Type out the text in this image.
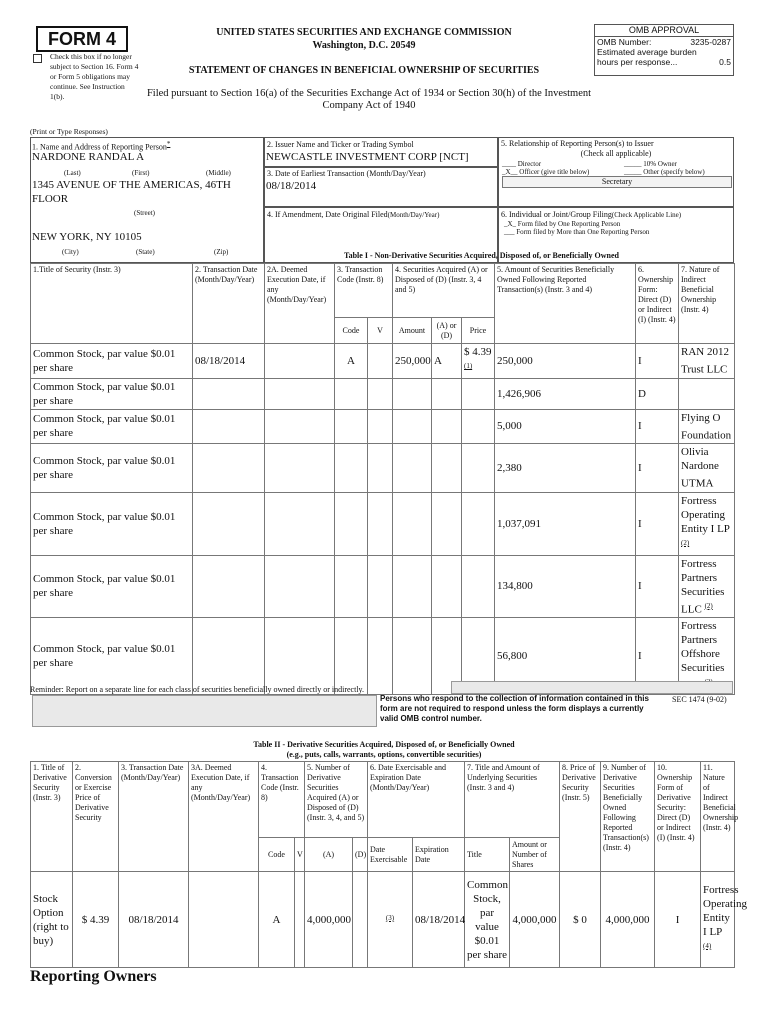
FORM 4
Check this box if no longer subject to Section 16. Form 4 or Form 5 obligations may continue. See Instruction 1(b).
UNITED STATES SECURITIES AND EXCHANGE COMMISSION
Washington, D.C. 20549
STATEMENT OF CHANGES IN BENEFICIAL OWNERSHIP OF SECURITIES
Filed pursuant to Section 16(a) of the Securities Exchange Act of 1934 or Section 30(h) of the Investment Company Act of 1940
OMB APPROVAL
OMB Number:	3235-0287
Estimated average burden
hours per response...	0.5
(Print or Type Responses)
1. Name and Address of Reporting Person*
NARDONE RANDAL A
(Last)	(First)	(Middle)
1345 AVENUE OF THE AMERICAS, 46TH FLOOR
(Street)
NEW YORK, NY 10105
(City)	(State)	(Zip)
2. Issuer Name and Ticker or Trading Symbol
NEWCASTLE INVESTMENT CORP [NCT]
3. Date of Earliest Transaction (Month/Day/Year)
08/18/2014
4. If Amendment, Date Original Filed(Month/Day/Year)
5. Relationship of Reporting Person(s) to Issuer
(Check all applicable)
____ Director	_____ 10% Owner
_X__ Officer (give title below)	_____ Other (specify below)
Secretary
6. Individual or Joint/Group Filing(Check Applicable Line)
_X_ Form filed by One Reporting Person
___ Form filed by More than One Reporting Person
Table I - Non-Derivative Securities Acquired, Disposed of, or Beneficially Owned
1.Title of Security (Instr. 3)	2. Transaction Date (Month/Day/Year)	2A. Deemed Execution Date, if any (Month/Day/Year)	3. Transaction Code (Instr. 8)		4. Securities Acquired (A) or Disposed of (D) (Instr. 3, 4 and 5)			5. Amount of Securities Beneficially Owned Following Reported Transaction(s) (Instr. 3 and 4)	6. Ownership Form: Direct (D) or Indirect (I) (Instr. 4)	7. Nature of Indirect Beneficial Ownership (Instr. 4)
			Code	V	Amount	(A) or (D)	Price			
Common Stock, par value $0.01 per share	08/18/2014		A		250,000	A	$ 4.39 $^{(1)}$	250,000	I	RAN 2012 Trust LLC
Common Stock, par value $0.01 per share								1,426,906	D	
Common Stock, par value $0.01 per share								5,000	I	Flying O Foundation
Common Stock, par value $0.01 per share								2,380	I	Olivia Nardone UTMA
Common Stock, par value $0.01 per share								1,037,091	I	Fortress Operating Entity I LP $^{(2)}$
Common Stock, par value $0.01 per share								134,800	I	Fortress Partners Securities LLC $^{(2)}$
Common Stock, par value $0.01 per share								56,800	I	Fortress Partners Offshore Securities
Reminder: Report on a separate line for each class of securities beneficially owned directly or indirectly.
Persons who respond to the collection of information contained in this form are not required to respond unless the form displays a currently valid OMB control number.
SEC 1474 (9-02)
Table II - Derivative Securities Acquired, Disposed of, or Beneficially Owned
(e.g., puts, calls, warrants, options, convertible securities)
1. Title of Derivative Security (Instr. 3)	2. Conversion or Exercise Price of Derivative Security	3. Transaction Date (Month/Day/Year)	3A. Deemed Execution Date, if any (Month/Day/Year)	4. Transaction Code (Instr. 8)		5. Number of Derivative Securities Acquired (A) or Disposed of (D) (Instr. 3, 4, and 5)		6. Date Exercisable and Expiration Date (Month/Day/Year)		7. Title and Amount of Underlying Securities (Instr. 3 and 4)		8. Price of Derivative Security (Instr. 5)	9. Number of Derivative Securities Beneficially Owned Following Reported Transaction(s) (Instr. 4)	10. Ownership Form of Derivative Security: Direct (D) or Indirect (I) (Instr. 4)	11. Nature of Indirect Beneficial Ownership (Instr. 4)
				Code	V	(A)	(D)	Date Exercisable	Expiration Date	Title	Amount or Number of Shares				
Stock Option (right to buy)	$ 4.39	08/18/2014		A		4,000,000		$^{(3)}$	08/18/2014	Common Stock, par value $0.01 per share	4,000,000	$ 0	4,000,000	I	Fortress Operating Entity I LP $^{(4)}$
Reporting Owners
